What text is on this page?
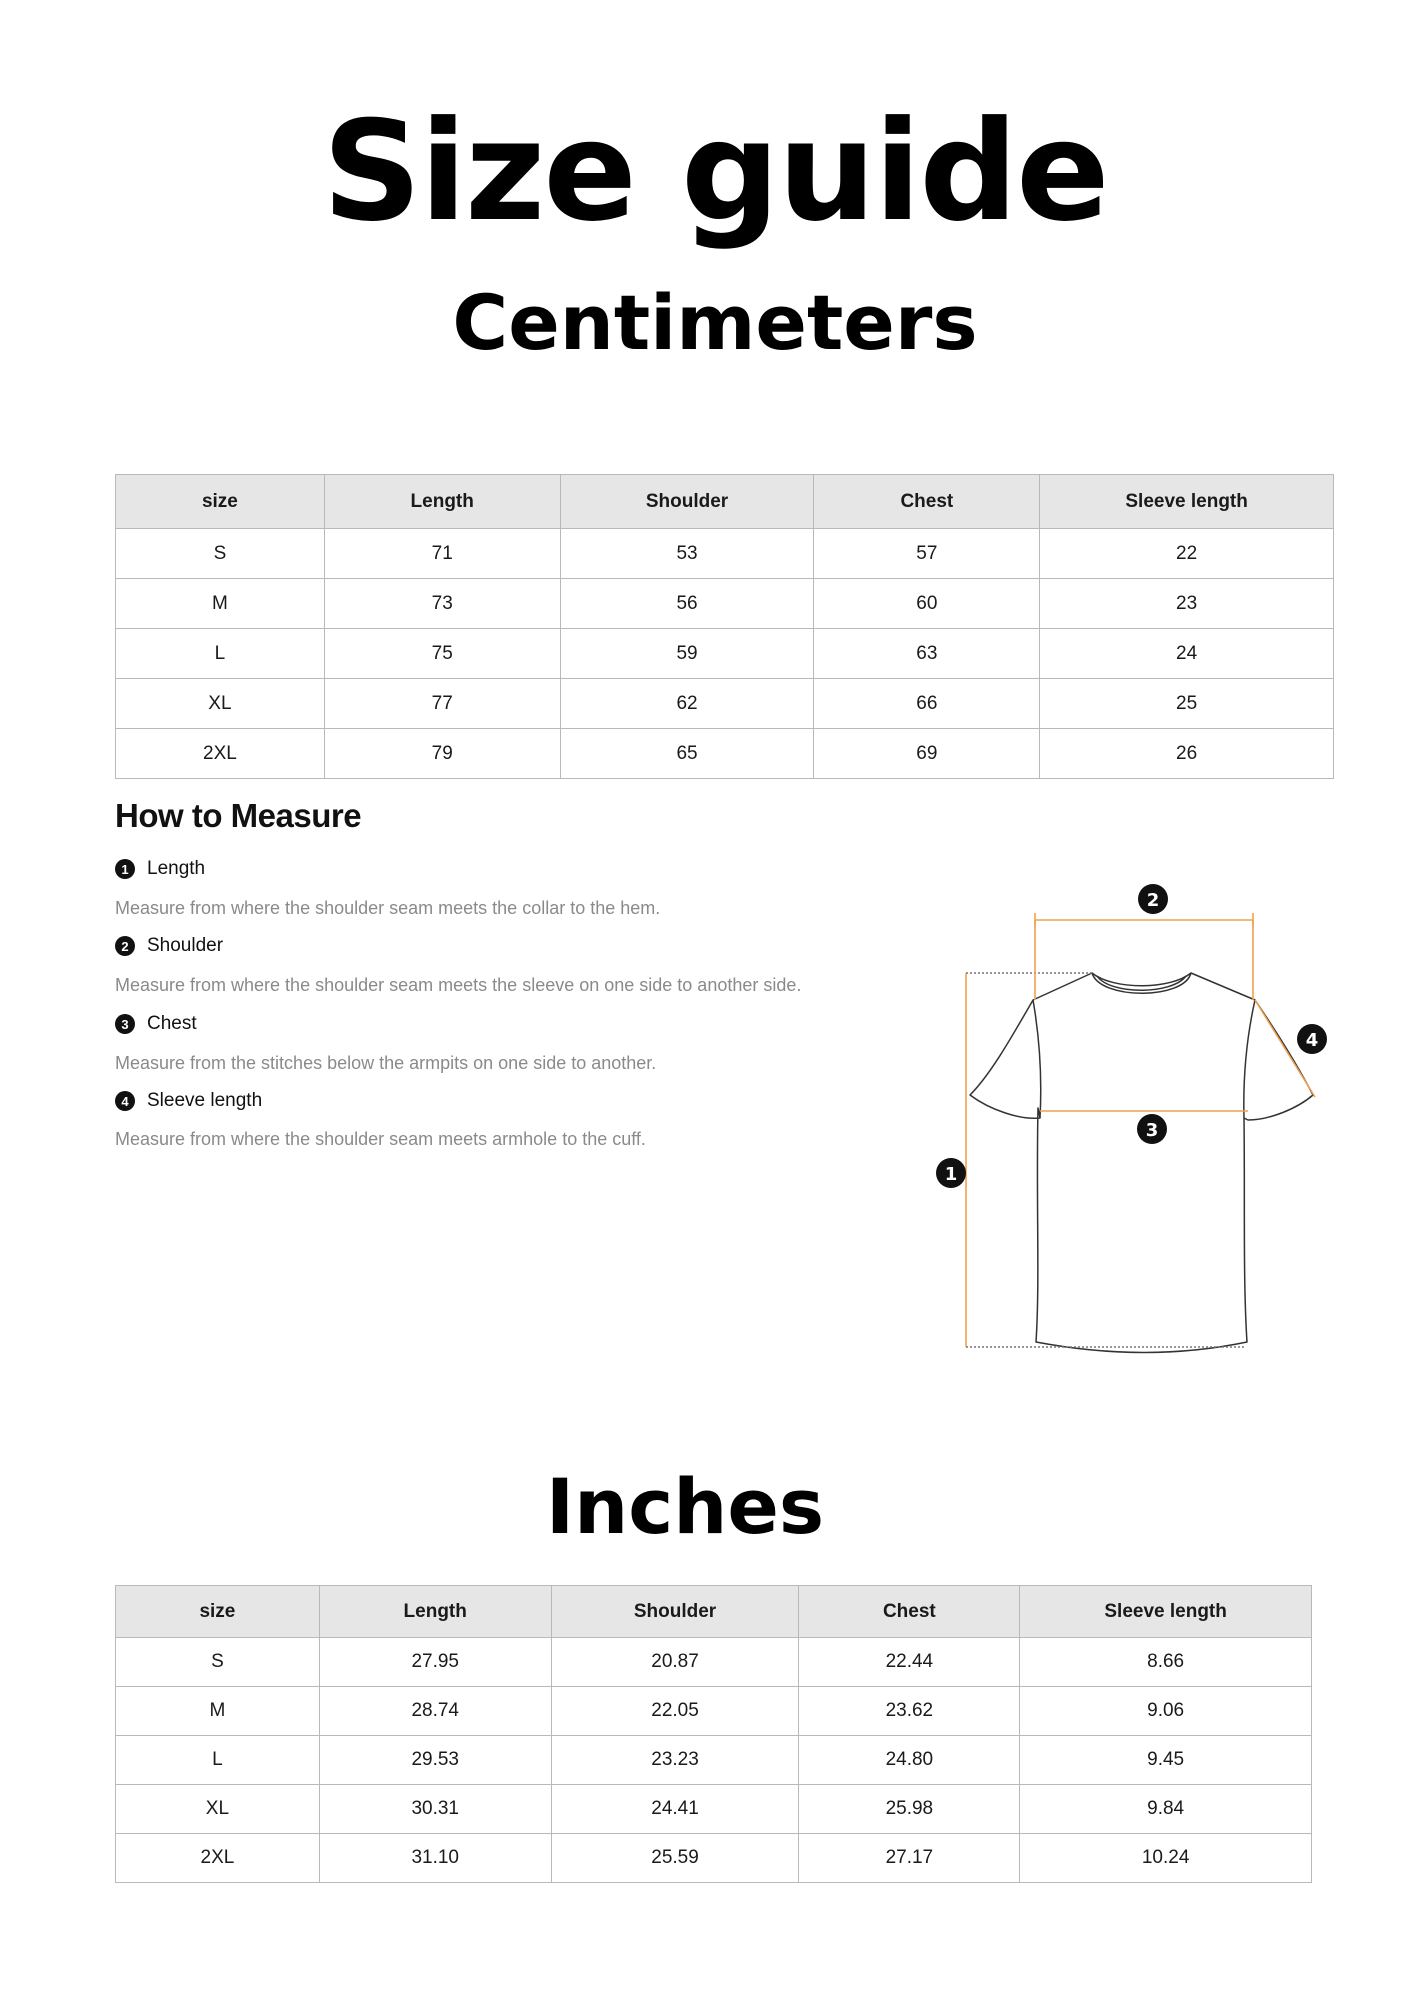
Size guide
Centimeters
size	Length	Shoulder	Chest	Sleeve length
S	71	53	57	22
M	73	56	60	23
L	75	59	63	24
XL	77	62	66	25
2XL	79	65	69	26
How to Measure
1 Length
Measure from where the shoulder seam meets the collar to the hem.
2 Shoulder
Measure from where the shoulder seam meets the sleeve on one side to another side.
3 Chest
Measure from the stitches below the armpits on one side to another.
4 Sleeve length
Measure from where the shoulder seam meets armhole to the cuff.
1
2
3
4
Inches
size	Length	Shoulder	Chest	Sleeve length
S	27.95	20.87	22.44	8.66
M	28.74	22.05	23.62	9.06
L	29.53	23.23	24.80	9.45
XL	30.31	24.41	25.98	9.84
2XL	31.10	25.59	27.17	10.24
